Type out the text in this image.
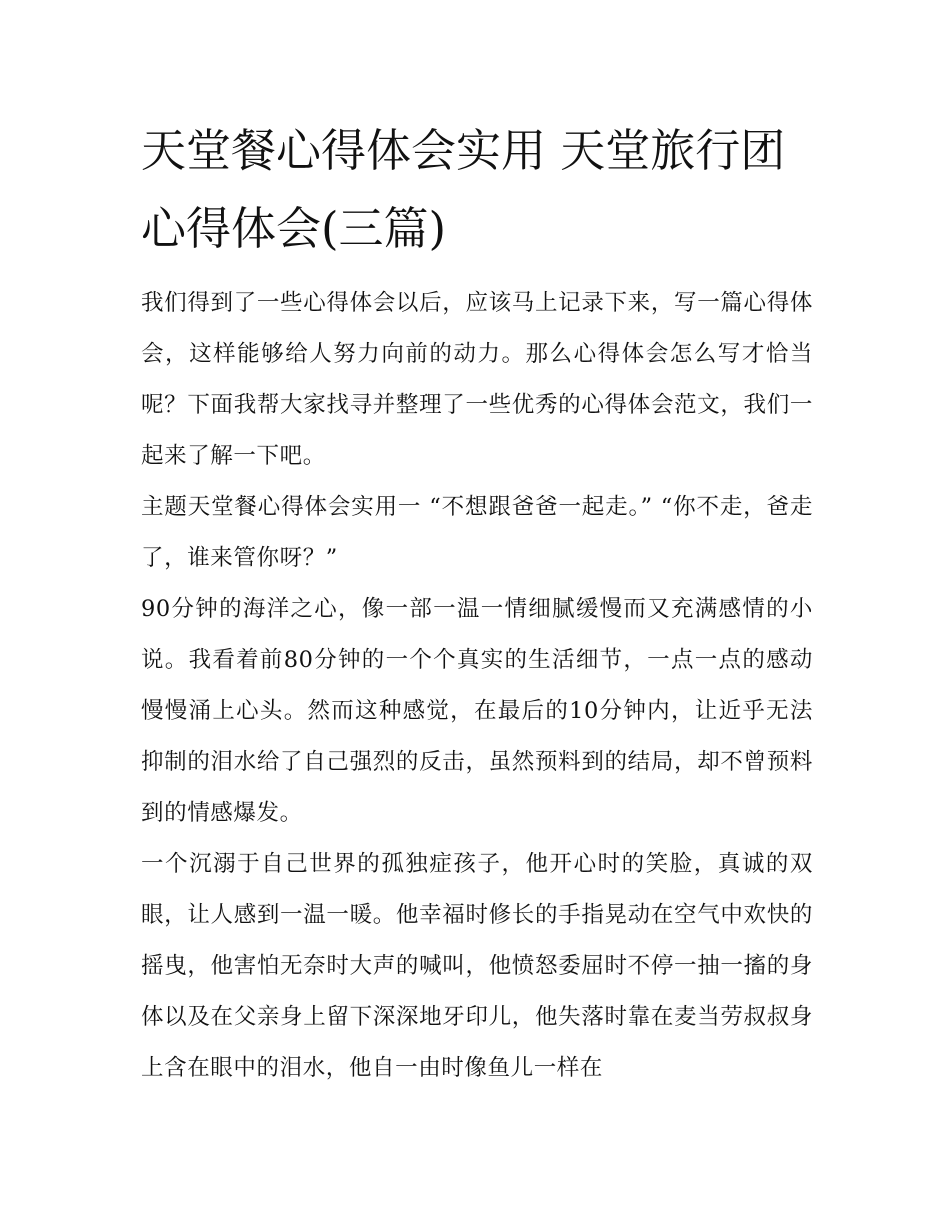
天堂餐心得体会实用 天堂旅行团心得体会(三篇)

我们得到了一些心得体会以后，应该马上记录下来，写一篇心得体会，这样能够给人努力向前的动力。那么心得体会怎么写才恰当呢？下面我帮大家找寻并整理了一些优秀的心得体会范文，我们一起来了解一下吧。

主题天堂餐心得体会实用一 “不想跟爸爸一起走。” “你不走，爸走了，谁来管你呀？”

90分钟的海洋之心，像一部一温一情细腻缓慢而又充满感情的小说。我看着前80分钟的一个个真实的生活细节，一点一点的感动慢慢涌上心头。然而这种感觉，在最后的10分钟内，让近乎无法抑制的泪水给了自己强烈的反击，虽然预料到的结局，却不曾预料到的情感爆发。

一个沉溺于自己世界的孤独症孩子，他开心时的笑脸，真诚的双眼，让人感到一温一暖。他幸福时修长的手指晃动在空气中欢快的摇曳，他害怕无奈时大声的喊叫，他愤怒委屈时不停一抽一搐的身体以及在父亲身上留下深深地牙印儿，他失落时靠在麦当劳叔叔身上含在眼中的泪水，他自一由时像鱼儿一样在
